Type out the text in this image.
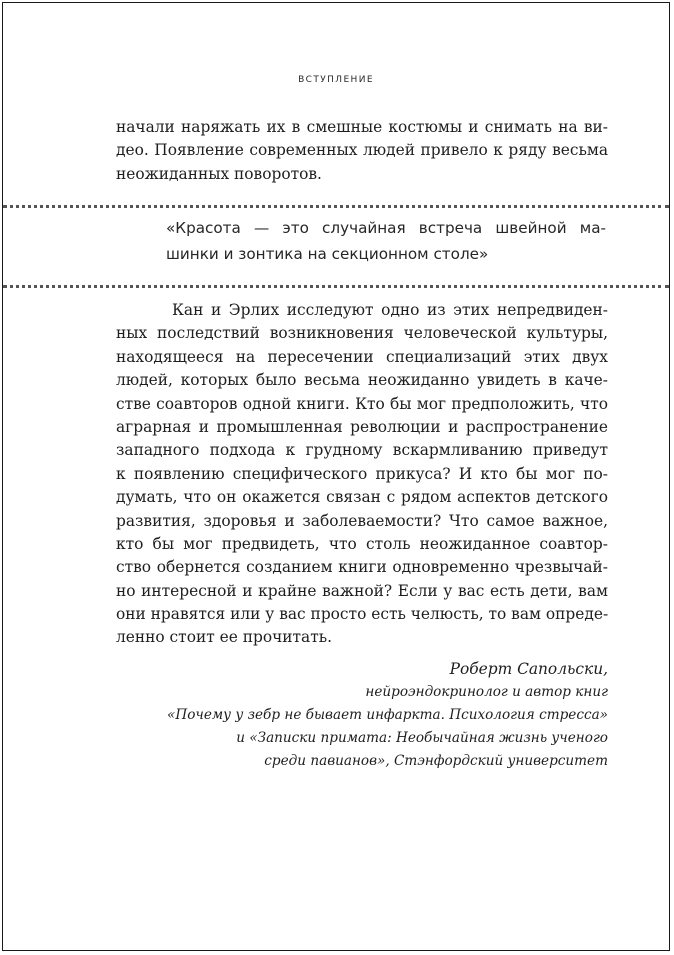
вступление
начали наряжать их в смешные костюмы и снимать на ви-
део. Появление современных людей привело к ряду весьма
неожиданных поворотов.
«Красота — это случайная встреча швейной ма-
шинки и зонтика на секционном столе»
Кан и Эрлих исследуют одно из этих непредвиден-
ных последствий возникновения человеческой культуры,
находящееся на пересечении специализаций этих двух
людей, которых было весьма неожиданно увидеть в каче-
стве соавторов одной книги. Кто бы мог предположить, что
аграрная и промышленная революции и распространение
западного подхода к грудному вскармливанию приведут
к появлению специфического прикуса? И кто бы мог по-
думать, что он окажется связан с рядом аспектов детского
развития, здоровья и заболеваемости? Что самое важное,
кто бы мог предвидеть, что столь неожиданное соавтор-
ство обернется созданием книги одновременно чрезвычай-
но интересной и крайне важной? Если у вас есть дети, вам
они нравятся или у вас просто есть челюсть, то вам опреде-
ленно стоит ее прочитать.
Роберт Сапольски,
нейроэндокринолог и автор книг
«Почему у зебр не бывает инфаркта. Психология стресса»
и «Записки примата: Необычайная жизнь ученого
среди павианов», Стэнфордский университет
